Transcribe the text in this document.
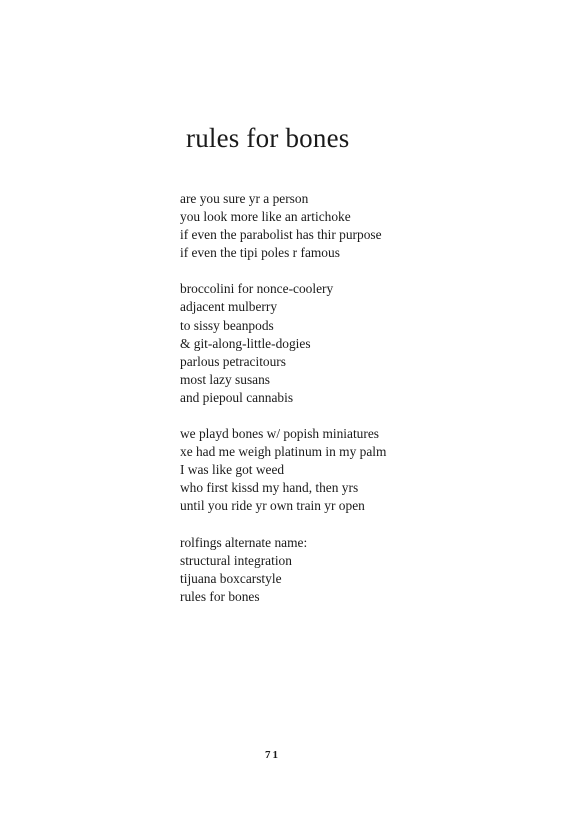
rules for bones
are you sure yr a person
you look more like an artichoke
if even the parabolist has thir purpose
if even the tipi poles r famous
broccolini for nonce-coolery
adjacent mulberry
to sissy beanpods
& git-along-little-dogies
parlous petracitours
most lazy susans
and piepoul cannabis
we playd bones w/ popish miniatures
xe had me weigh platinum in my palm
I was like got weed
who first kissd my hand, then yrs
until you ride yr own train yr open
rolfings alternate name:
structural integration
tijuana boxcarstyle
rules for bones
71
